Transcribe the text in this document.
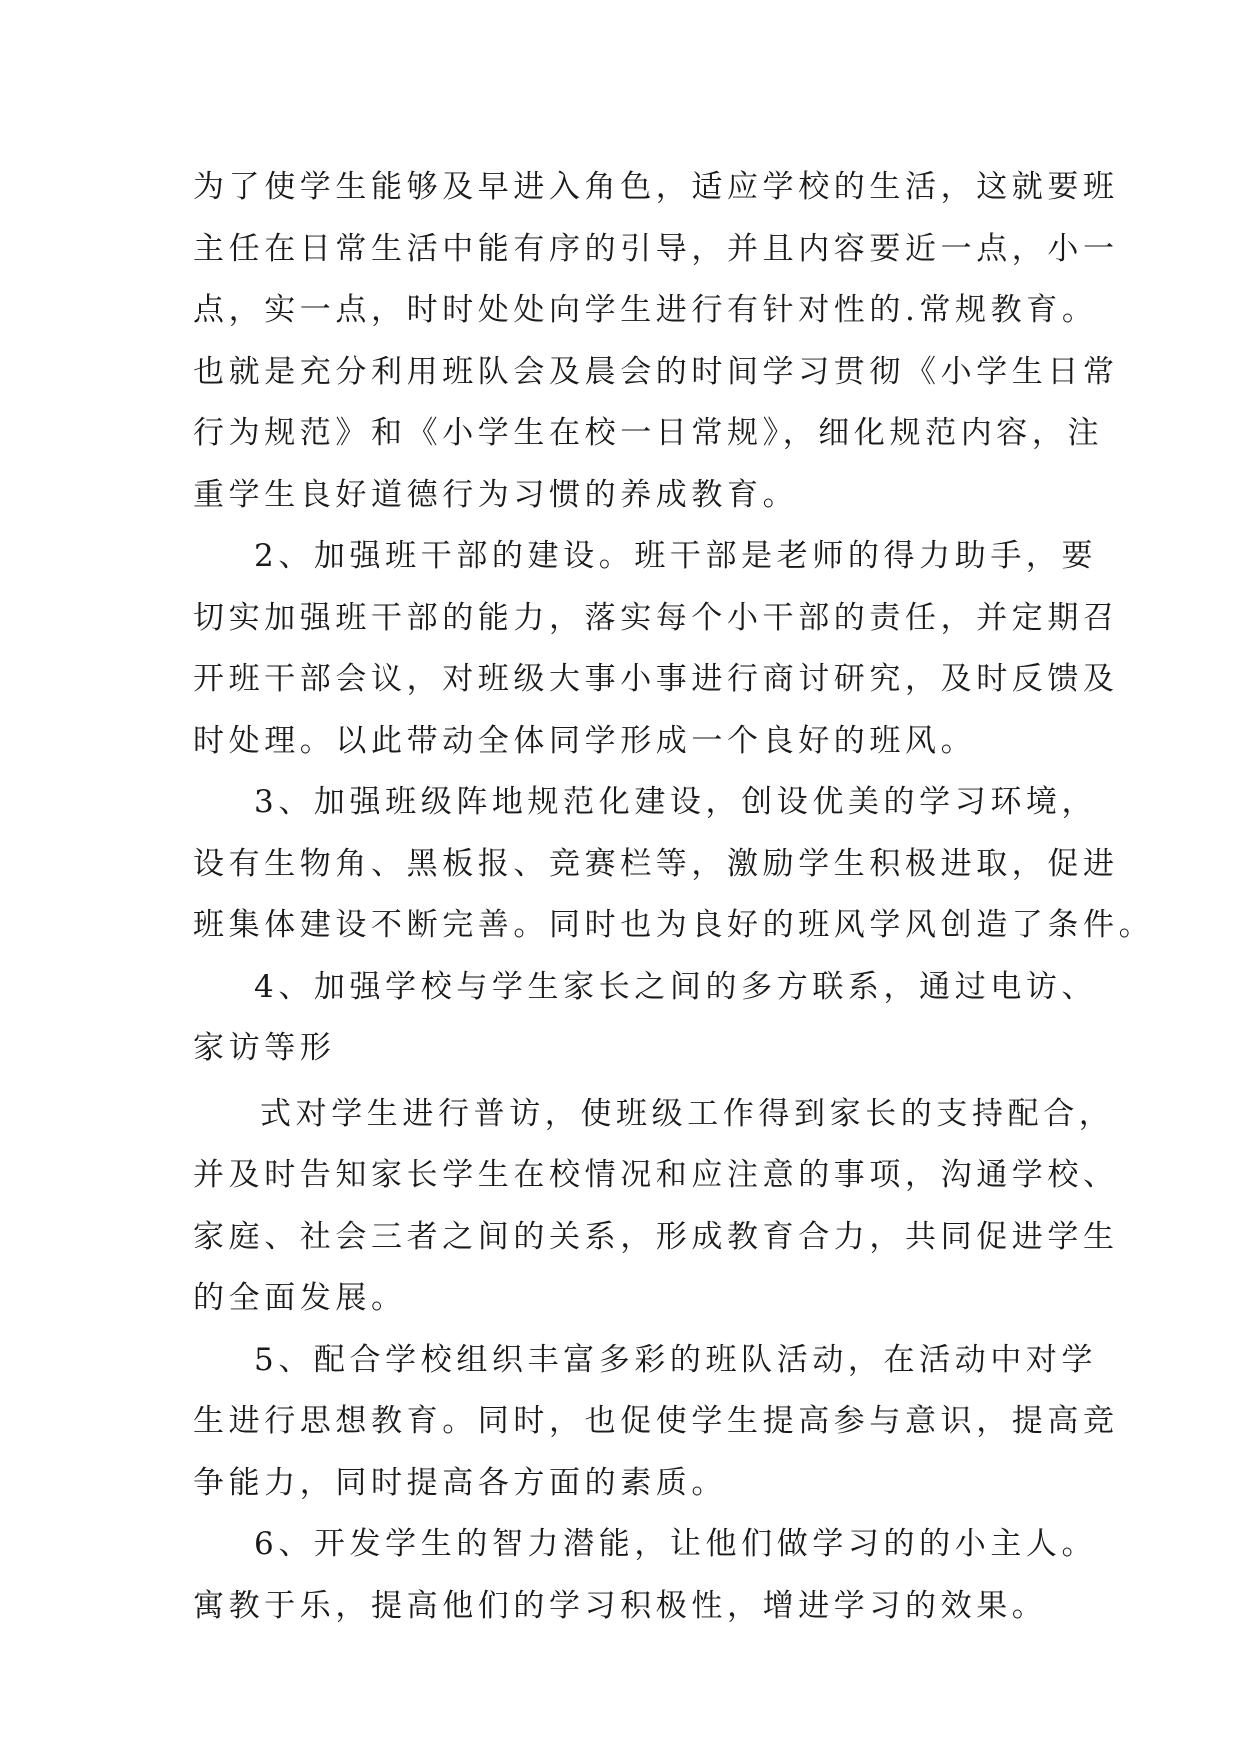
为了使学生能够及早进入角色，适应学校的生活，这就要班
主任在日常生活中能有序的引导，并且内容要近一点，小一
点，实一点，时时处处向学生进行有针对性的.常规教育。
也就是充分利用班队会及晨会的时间学习贯彻《小学生日常
行为规范》和《小学生在校一日常规》，细化规范内容，注
重学生良好道德行为习惯的养成教育。
2、加强班干部的建设。班干部是老师的得力助手，要
切实加强班干部的能力，落实每个小干部的责任，并定期召
开班干部会议，对班级大事小事进行商讨研究，及时反馈及
时处理。以此带动全体同学形成一个良好的班风。
3、加强班级阵地规范化建设，创设优美的学习环境，
设有生物角、黑板报、竞赛栏等，激励学生积极进取，促进
班集体建设不断完善。同时也为良好的班风学风创造了条件。
4、加强学校与学生家长之间的多方联系，通过电访、
家访等形
式对学生进行普访，使班级工作得到家长的支持配合，
并及时告知家长学生在校情况和应注意的事项，沟通学校、
家庭、社会三者之间的关系，形成教育合力，共同促进学生
的全面发展。
5、配合学校组织丰富多彩的班队活动，在活动中对学
生进行思想教育。同时，也促使学生提高参与意识，提高竞
争能力，同时提高各方面的素质。
6、开发学生的智力潜能，让他们做学习的的小主人。
寓教于乐，提高他们的学习积极性，增进学习的效果。
